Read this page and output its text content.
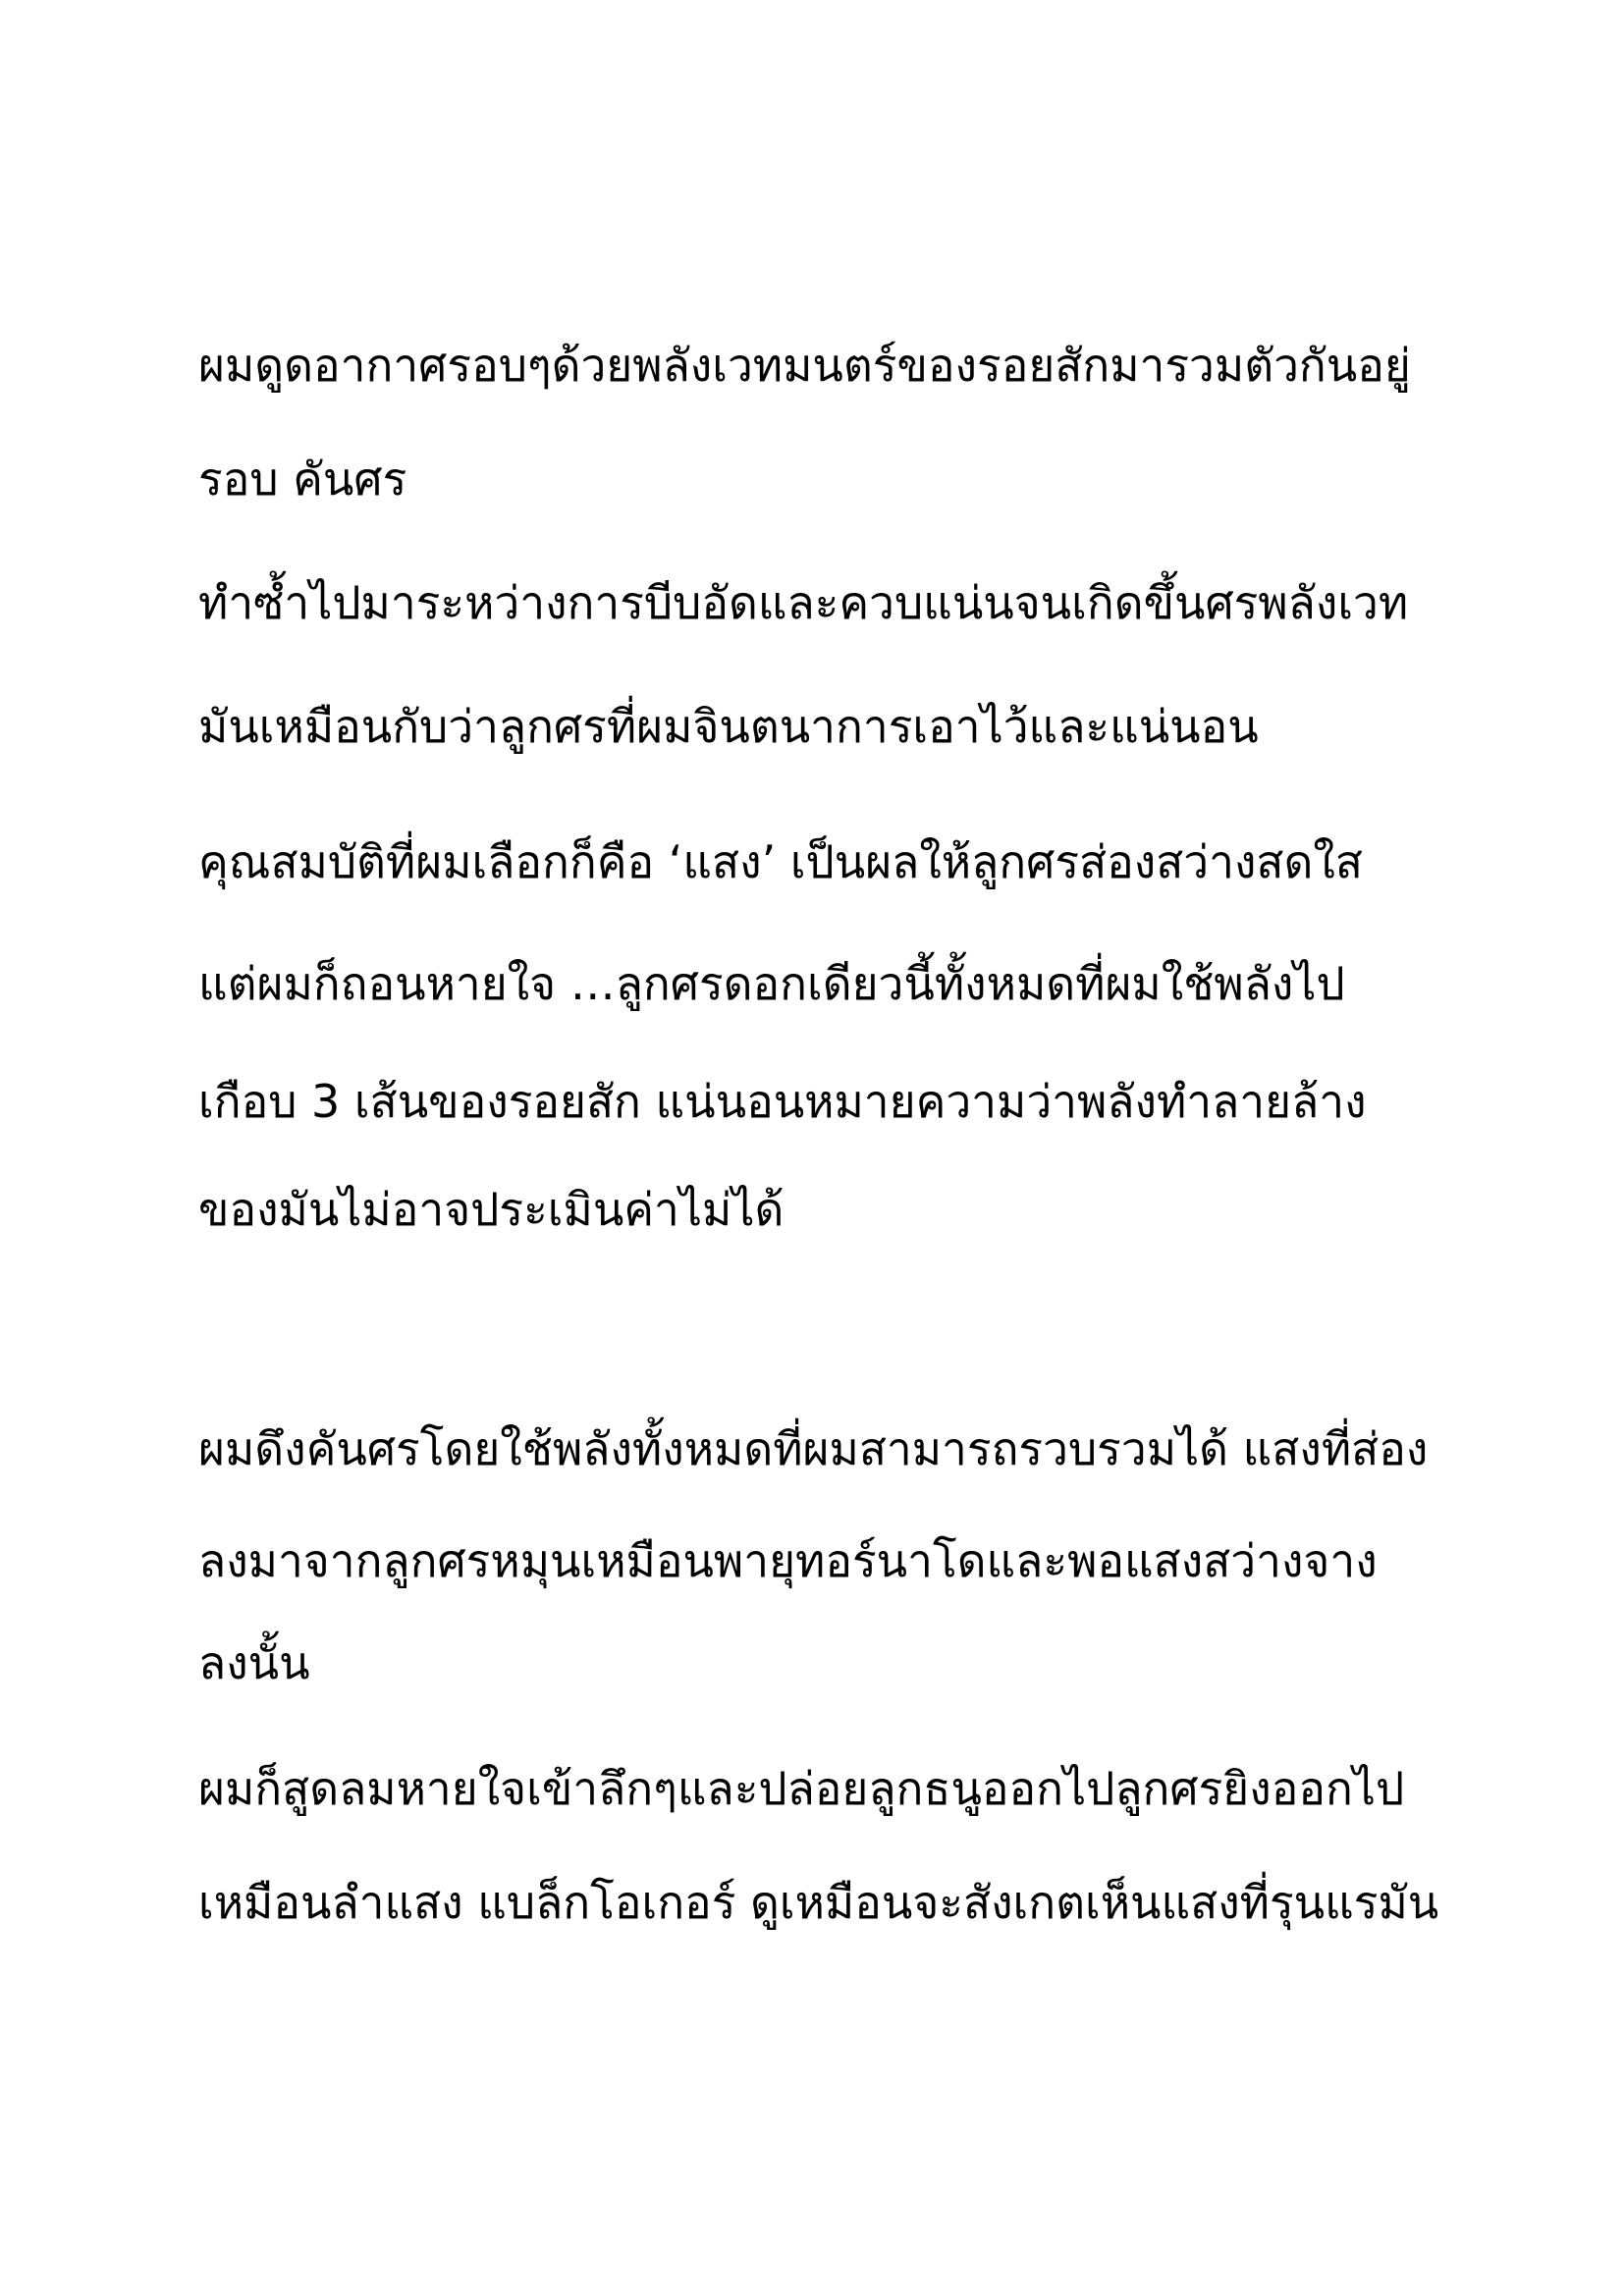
ผมดูดอากาศรอบๆด้วยพลังเวทมนตร์ของรอยสักมารวมตัวกันอยู่

รอบ คันศร

ทำซ้ำไปมาระหว่างการบีบอัดและควบแน่นจนเกิดขึ้นศรพลังเวท

มันเหมือนกับว่าลูกศรที่ผมจินตนาการเอาไว้และแน่นอน

คุณสมบัติที่ผมเลือกก็คือ ‘แสง’ เป็นผลให้ลูกศรส่องสว่างสดใส

แต่ผมก็ถอนหายใจ …ลูกศรดอกเดียวนี้ทั้งหมดที่ผมใช้พลังไป

เกือบ 3 เส้นของรอยสัก แน่นอนหมายความว่าพลังทำลายล้าง

ของมันไม่อาจประเมินค่าไม่ได้

ผมดึงคันศรโดยใช้พลังทั้งหมดที่ผมสามารถรวบรวมได้ แสงที่ส่อง

ลงมาจากลูกศรหมุนเหมือนพายุทอร์นาโดและพอแสงสว่างจาง

ลงนั้น

ผมก็สูดลมหายใจเข้าลึกๆและปล่อยลูกธนูออกไปลูกศรยิงออกไป

เหมือนลำแสง แบล็กโอเกอร์ ดูเหมือนจะสังเกตเห็นแสงที่รุนแรมัน
